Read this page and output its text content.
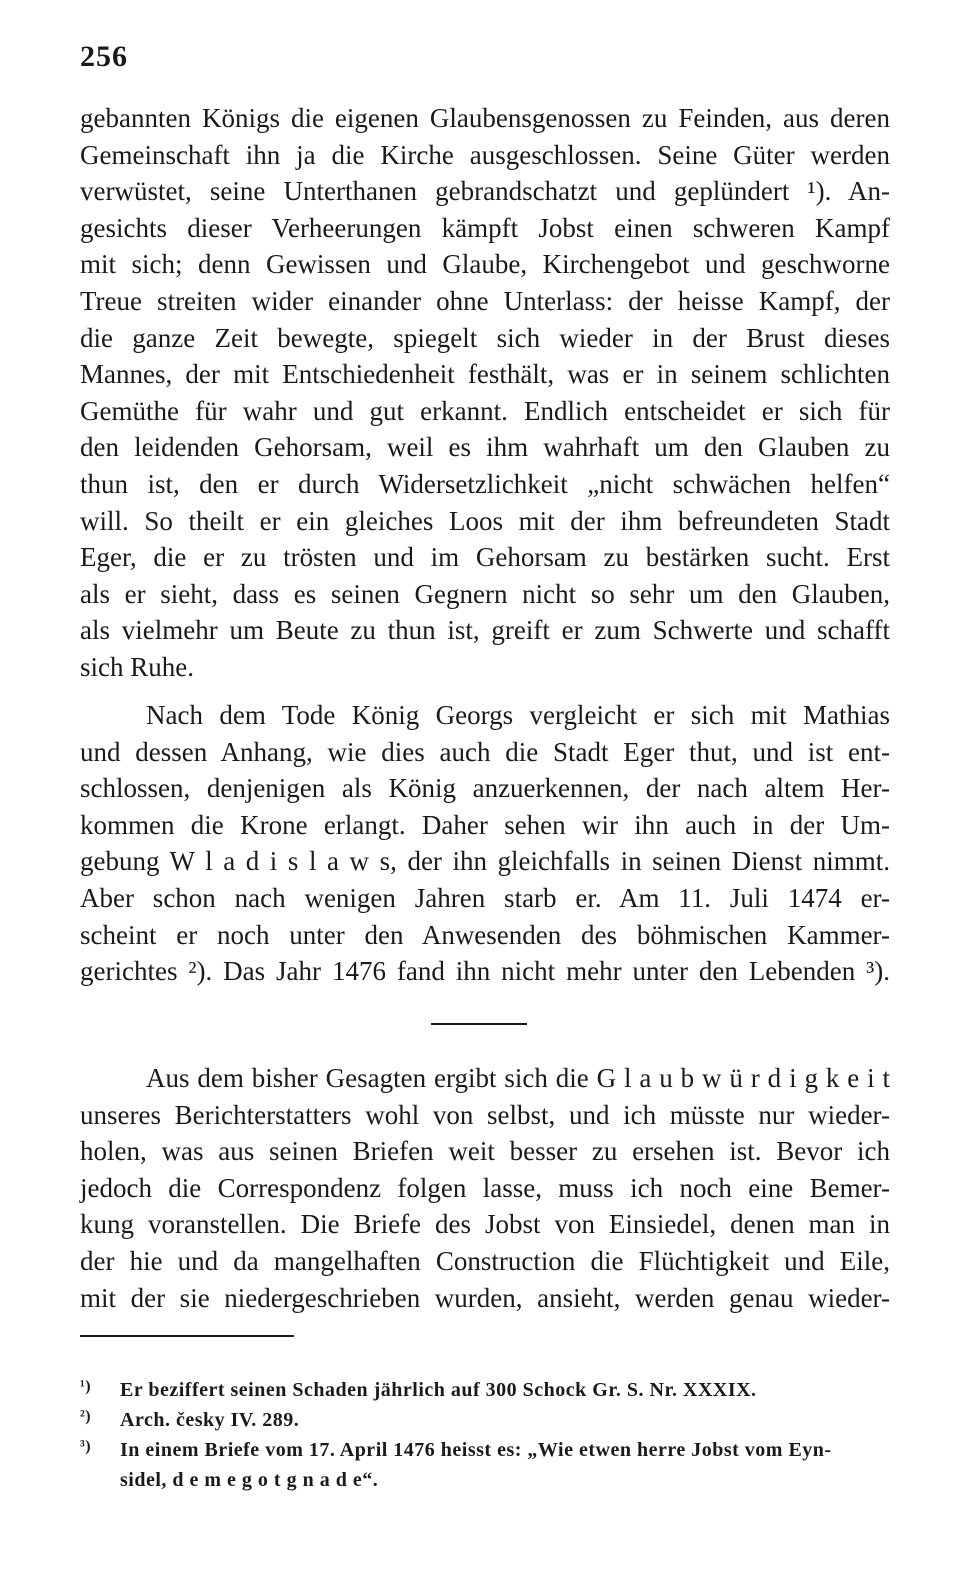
256
gebannten Königs die eigenen Glaubensgenossen zu Feinden, aus deren
Gemeinschaft ihn ja die Kirche ausgeschlossen. Seine Güter werden
verwüstet, seine Unterthanen gebrandschatzt und geplündert ¹). An-
gesichts dieser Verheerungen kämpft Jobst einen schweren Kampf
mit sich; denn Gewissen und Glaube, Kirchengebot und geschworne
Treue streiten wider einander ohne Unterlass: der heisse Kampf, der
die ganze Zeit bewegte, spiegelt sich wieder in der Brust dieses
Mannes, der mit Entschiedenheit festhält, was er in seinem schlichten
Gemüthe für wahr und gut erkannt. Endlich entscheidet er sich für
den leidenden Gehorsam, weil es ihm wahrhaft um den Glauben zu
thun ist, den er durch Widersetzlichkeit „nicht schwächen helfen“
will. So theilt er ein gleiches Loos mit der ihm befreundeten Stadt
Eger, die er zu trösten und im Gehorsam zu bestärken sucht. Erst
als er sieht, dass es seinen Gegnern nicht so sehr um den Glauben,
als vielmehr um Beute zu thun ist, greift er zum Schwerte und schafft
sich Ruhe.
Nach dem Tode König Georgs vergleicht er sich mit Mathias
und dessen Anhang, wie dies auch die Stadt Eger thut, und ist ent-
schlossen, denjenigen als König anzuerkennen, der nach altem Her-
kommen die Krone erlangt. Daher sehen wir ihn auch in der Um-
gebung W l a d i s l a w s, der ihn gleichfalls in seinen Dienst nimmt.
Aber schon nach wenigen Jahren starb er. Am 11. Juli 1474 er-
scheint er noch unter den Anwesenden des böhmischen Kammer-
gerichtes ²). Das Jahr 1476 fand ihn nicht mehr unter den Lebenden ³).
Aus dem bisher Gesagten ergibt sich die G l a u b w ü r d i g k e i t
unseres Berichterstatters wohl von selbst, und ich müsste nur wieder-
holen, was aus seinen Briefen weit besser zu ersehen ist. Bevor ich
jedoch die Correspondenz folgen lasse, muss ich noch eine Bemer-
kung voranstellen. Die Briefe des Jobst von Einsiedel, denen man in
der hie und da mangelhaften Construction die Flüchtigkeit und Eile,
mit der sie niedergeschrieben wurden, ansieht, werden genau wieder-
¹) Er beziffert seinen Schaden jährlich auf 300 Schock Gr. S. Nr. XXXIX.
²) Arch. česky IV. 289.
³) In einem Briefe vom 17. April 1476 heisst es: „Wie etwen herre Jobst vom Eyn-
sidel, d e m e g o t g n a d e“.
